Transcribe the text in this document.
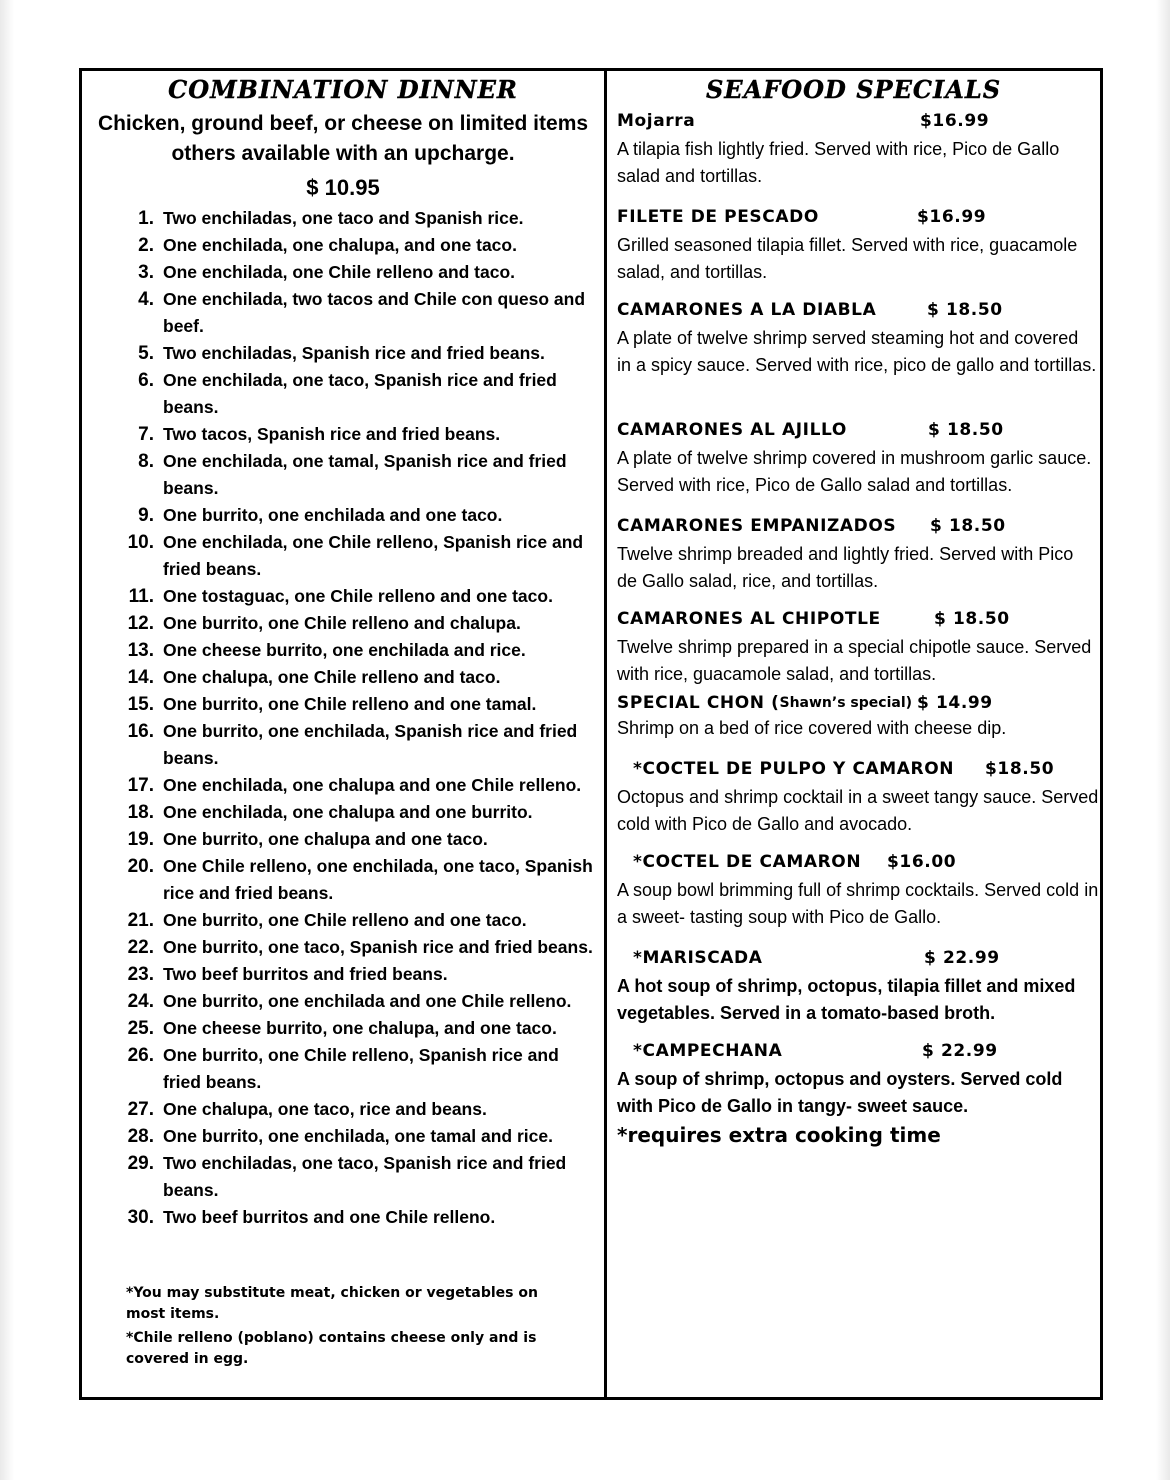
COMBINATION DINNER
Chicken, ground beef, or cheese on limited items others available with an upcharge.
$ 10.95
1. Two enchiladas, one taco and Spanish rice.
2. One enchilada, one chalupa, and one taco.
3. One enchilada, one Chile relleno and taco.
4. One enchilada, two tacos and Chile con queso and beef.
5. Two enchiladas, Spanish rice and fried beans.
6. One enchilada, one taco, Spanish rice and fried beans.
7. Two tacos, Spanish rice and fried beans.
8. One enchilada, one tamal, Spanish rice and fried beans.
9. One burrito, one enchilada and one taco.
10. One enchilada, one Chile relleno, Spanish rice and fried beans.
11. One tostaguac, one Chile relleno and one taco.
12. One burrito, one Chile relleno and chalupa.
13. One cheese burrito, one enchilada and rice.
14. One chalupa, one Chile relleno and taco.
15. One burrito, one Chile relleno and one tamal.
16. One burrito, one enchilada, Spanish rice and fried beans.
17. One enchilada, one chalupa and one Chile relleno.
18. One enchilada, one chalupa and one burrito.
19. One burrito, one chalupa and one taco.
20. One Chile relleno, one enchilada, one taco, Spanish rice and fried beans.
21. One burrito, one Chile relleno and one taco.
22. One burrito, one taco, Spanish rice and fried beans.
23. Two beef burritos and fried beans.
24. One burrito, one enchilada and one Chile relleno.
25. One cheese burrito, one chalupa, and one taco.
26. One burrito, one Chile relleno, Spanish rice and fried beans.
27. One chalupa, one taco, rice and beans.
28. One burrito, one enchilada, one tamal and rice.
29. Two enchiladas, one taco, Spanish rice and fried beans.
30. Two beef burritos and one Chile relleno.

*You may substitute meat, chicken or vegetables on most items.

*Chile relleno (poblano) contains cheese only and is covered in egg.

SEAFOOD SPECIALS
Mojarra	$16.99
A tilapia fish lightly fried. Served with rice, Pico de Gallo salad and tortillas.
FILETE DE PESCADO	$16.99
Grilled seasoned tilapia fillet. Served with rice, guacamole salad, and tortillas.
CAMARONES A LA DIABLA	$ 18.50
A plate of twelve shrimp served steaming hot and covered in a spicy sauce. Served with rice, pico de gallo and tortillas.
CAMARONES AL AJILLO	$ 18.50
A plate of twelve shrimp covered in mushroom garlic sauce. Served with rice, Pico de Gallo salad and tortillas.
CAMARONES EMPANIZADOS	$ 18.50
Twelve shrimp breaded and lightly fried. Served with Pico de Gallo salad, rice, and tortillas.
CAMARONES AL CHIPOTLE	$ 18.50
Twelve shrimp prepared in a special chipotle sauce. Served with rice, guacamole salad, and tortillas.
SPECIAL CHON ( Shawn’s special) $ 14.99
Shrimp on a bed of rice covered with cheese dip.
*COCTEL DE PULPO Y CAMARON	$18.50
Octopus and shrimp cocktail in a sweet tangy sauce. Served cold with Pico de Gallo and avocado.
*COCTEL DE CAMARON	$16.00
A soup bowl brimming full of shrimp cocktails. Served cold in a sweet- tasting soup with Pico de Gallo.
*MARISCADA	$ 22.99
A hot soup of shrimp, octopus, tilapia fillet and mixed vegetables. Served in a tomato-based broth.
*CAMPECHANA	$ 22.99
A soup of shrimp, octopus and oysters. Served cold with Pico de Gallo in tangy- sweet sauce.
*requires extra cooking time
